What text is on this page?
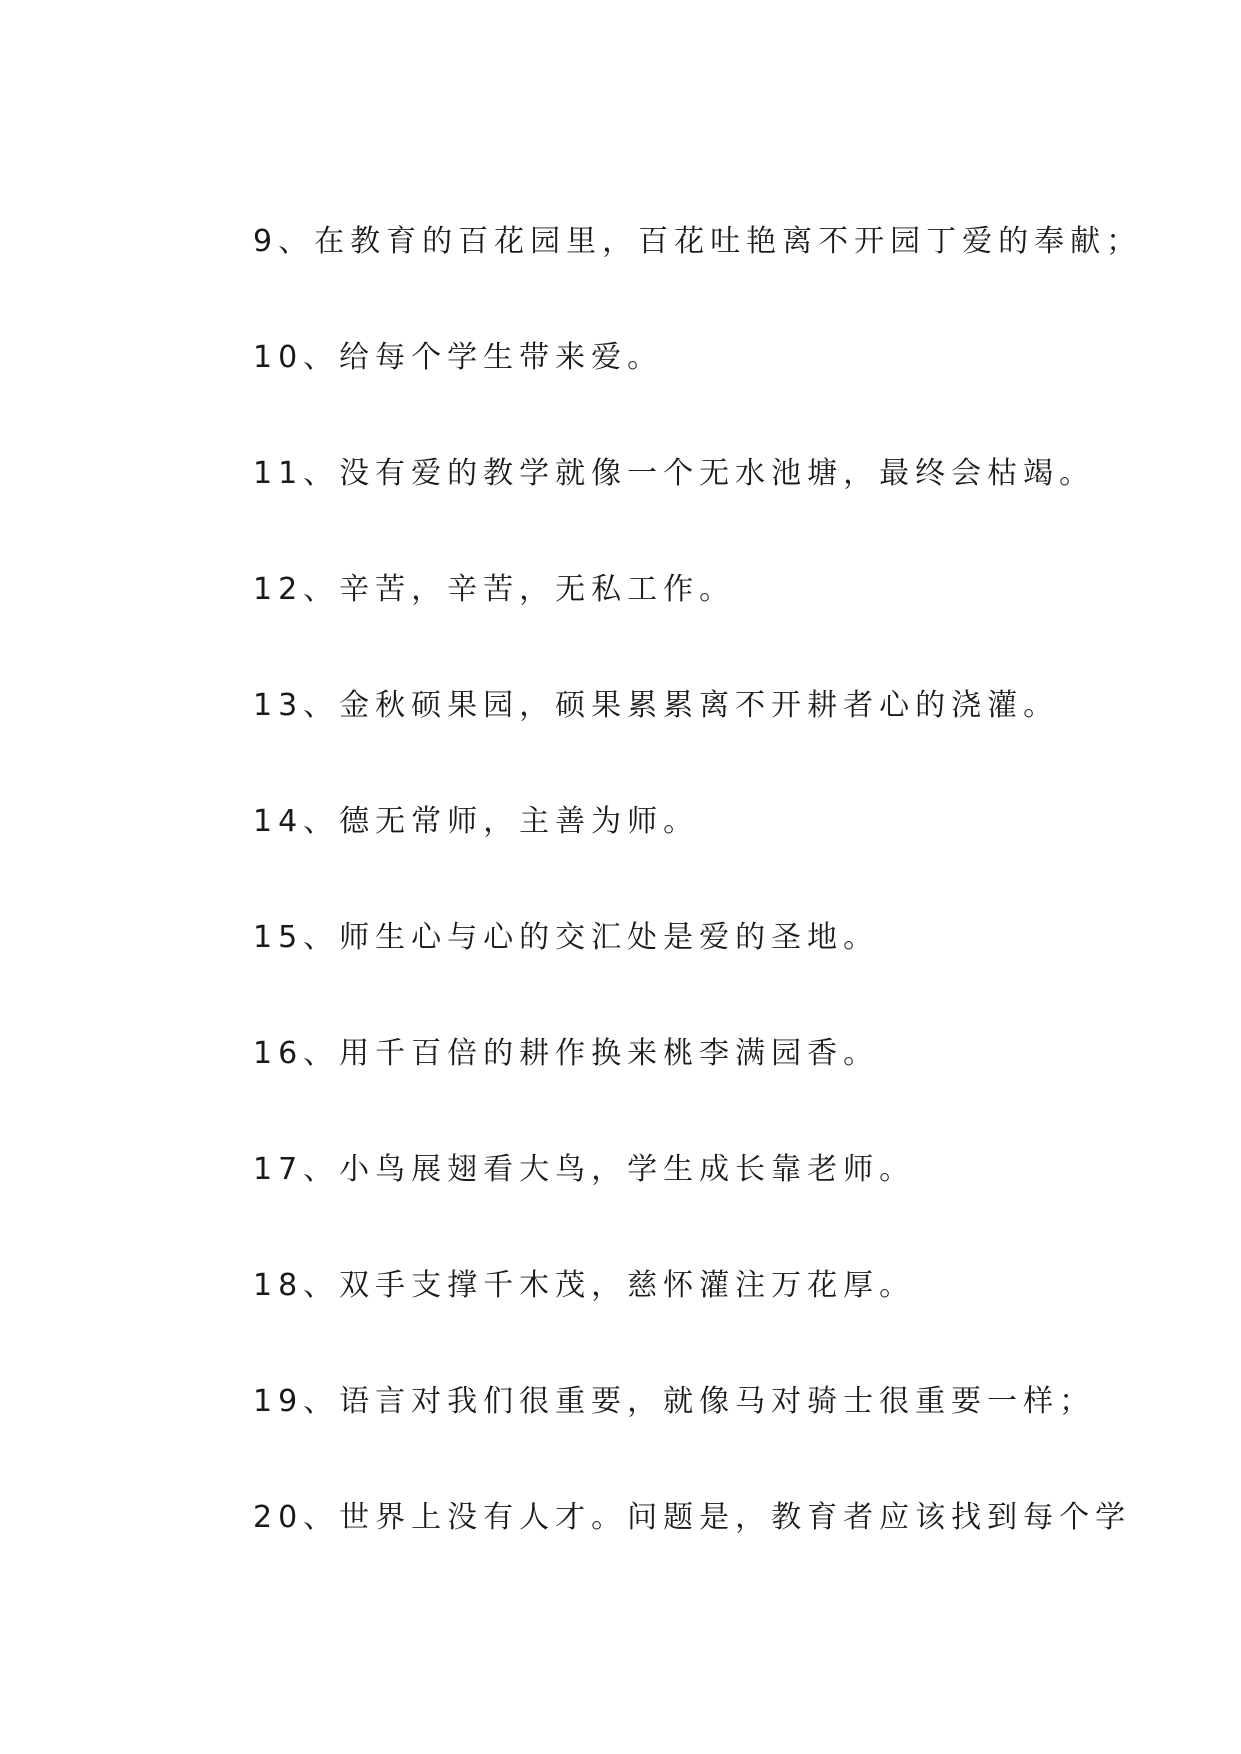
9、在教育的百花园里，百花吐艳离不开园丁爱的奉献；
10、给每个学生带来爱。
11、没有爱的教学就像一个无水池塘，最终会枯竭。
12、辛苦，辛苦，无私工作。
13、金秋硕果园，硕果累累离不开耕者心的浇灌。
14、德无常师，主善为师。
15、师生心与心的交汇处是爱的圣地。
16、用千百倍的耕作换来桃李满园香。
17、小鸟展翅看大鸟，学生成长靠老师。
18、双手支撑千木茂，慈怀灌注万花厚。
19、语言对我们很重要，就像马对骑士很重要一样；
20、世界上没有人才。问题是，教育者应该找到每个学
